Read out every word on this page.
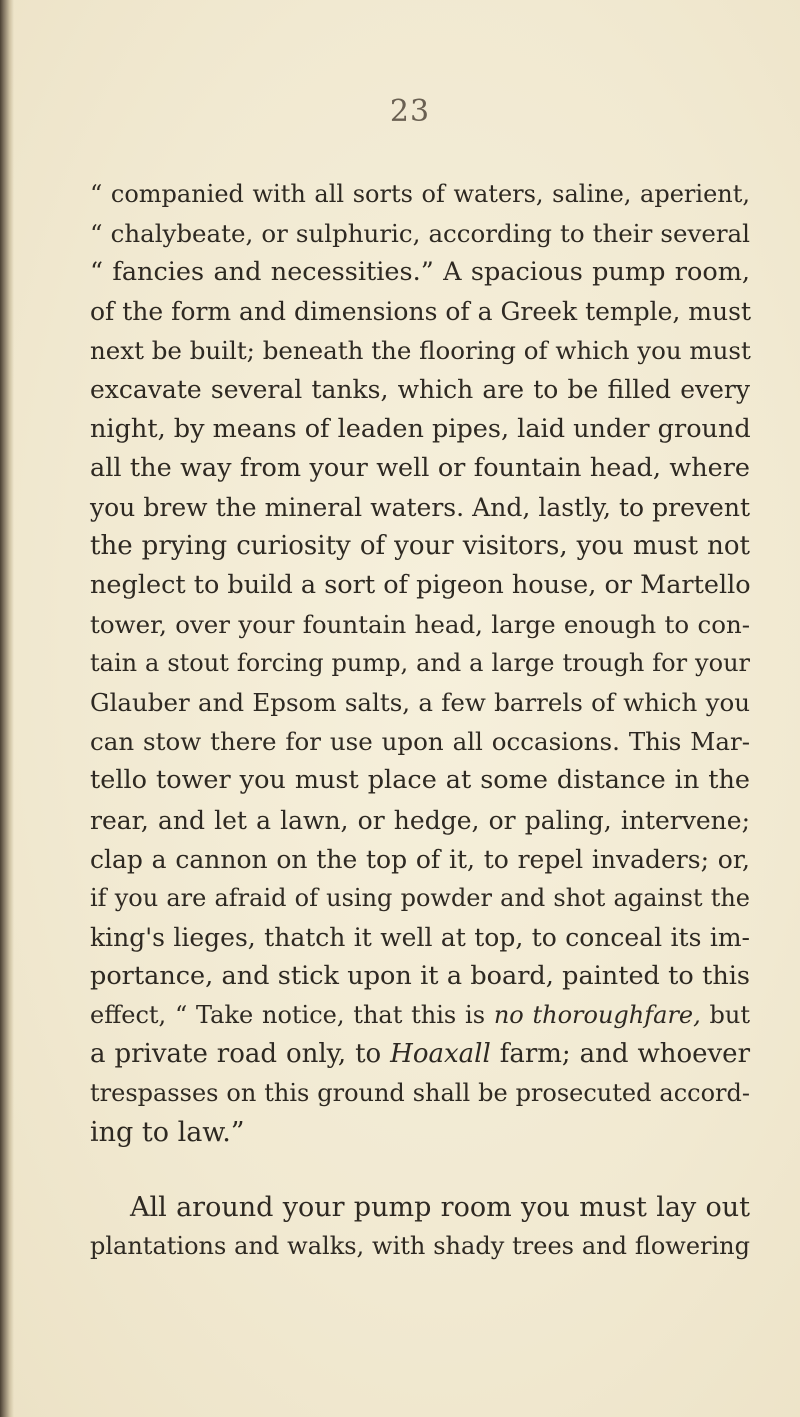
23
“ companied with all sorts of waters, saline, aperient,
“ chalybeate, or sulphuric, according to their several
“ fancies and necessities.” A spacious pump room,
of the form and dimensions of a Greek temple, must
next be built; beneath the flooring of which you must
excavate several tanks, which are to be filled every
night, by means of leaden pipes, laid under ground
all the way from your well or fountain head, where
you brew the mineral waters. And, lastly, to prevent
the prying curiosity of your visitors, you must not
neglect to build a sort of pigeon house, or Martello
tower, over your fountain head, large enough to con-
tain a stout forcing pump, and a large trough for your
Glauber and Epsom salts, a few barrels of which you
can stow there for use upon all occasions. This Mar-
tello tower you must place at some distance in the
rear, and let a lawn, or hedge, or paling, intervene;
clap a cannon on the top of it, to repel invaders; or,
if you are afraid of using powder and shot against the
king's lieges, thatch it well at top, to conceal its im-
portance, and stick upon it a board, painted to this
effect, “ Take notice, that this is no thoroughfare, but
a private road only, to Hoaxall farm; and whoever
trespasses on this ground shall be prosecuted accord-
ing to law.”
All around your pump room you must lay out
plantations and walks, with shady trees and flowering
